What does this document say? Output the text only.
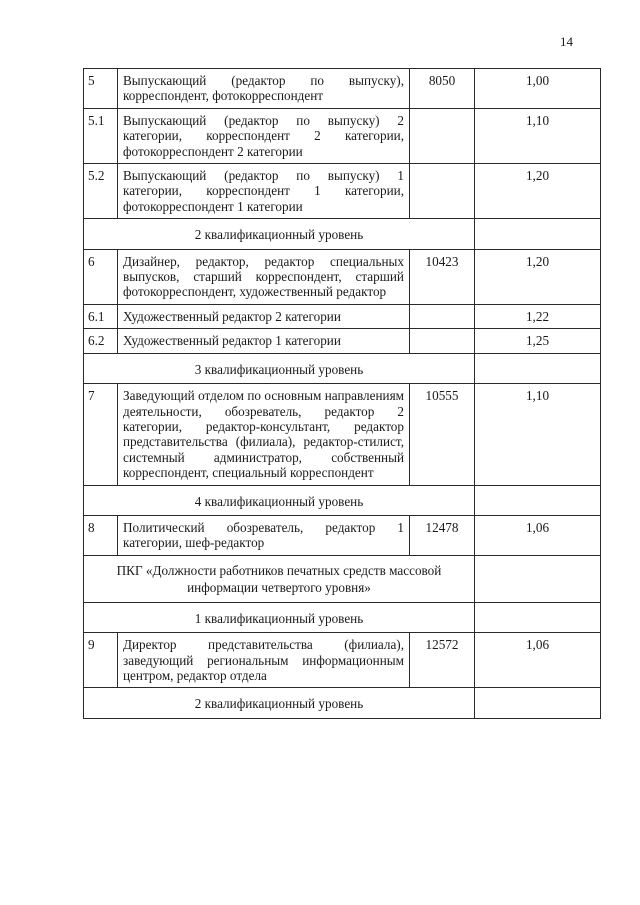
14
5	Выпускающий (редактор по выпуску), корреспондент, фотокорреспондент	8050	1,00
5.1	Выпускающий (редактор по выпуску) 2 категории, корреспондент 2 категории, фотокорреспондент 2 категории		1,10
5.2	Выпускающий (редактор по выпуску) 1 категории, корреспондент 1 категории, фотокорреспондент 1 категории		1,20
2 квалификационный уровень			
6	Дизайнер, редактор, редактор специальных выпусков, старший корреспондент, старший фотокорреспондент, художественный редактор	10423	1,20
6.1	Художественный редактор 2 категории		1,22
6.2	Художественный редактор 1 категории		1,25
3 квалификационный уровень			
7	Заведующий отделом по основным направлениям деятельности, обозреватель, редактор 2 категории, редактор-консультант, редактор представительства (филиала), редактор-стилист, системный администратор, собственный корреспондент, специальный корреспондент	10555	1,10
4 квалификационный уровень			
8	Политический обозреватель, редактор 1 категории, шеф-редактор	12478	1,06
ПКГ «Должности работников печатных средств массовой информации четвертого уровня»			
1 квалификационный уровень			
9	Директор представительства (филиала), заведующий региональным информационным центром, редактор отдела	12572	1,06
2 квалификационный уровень			
